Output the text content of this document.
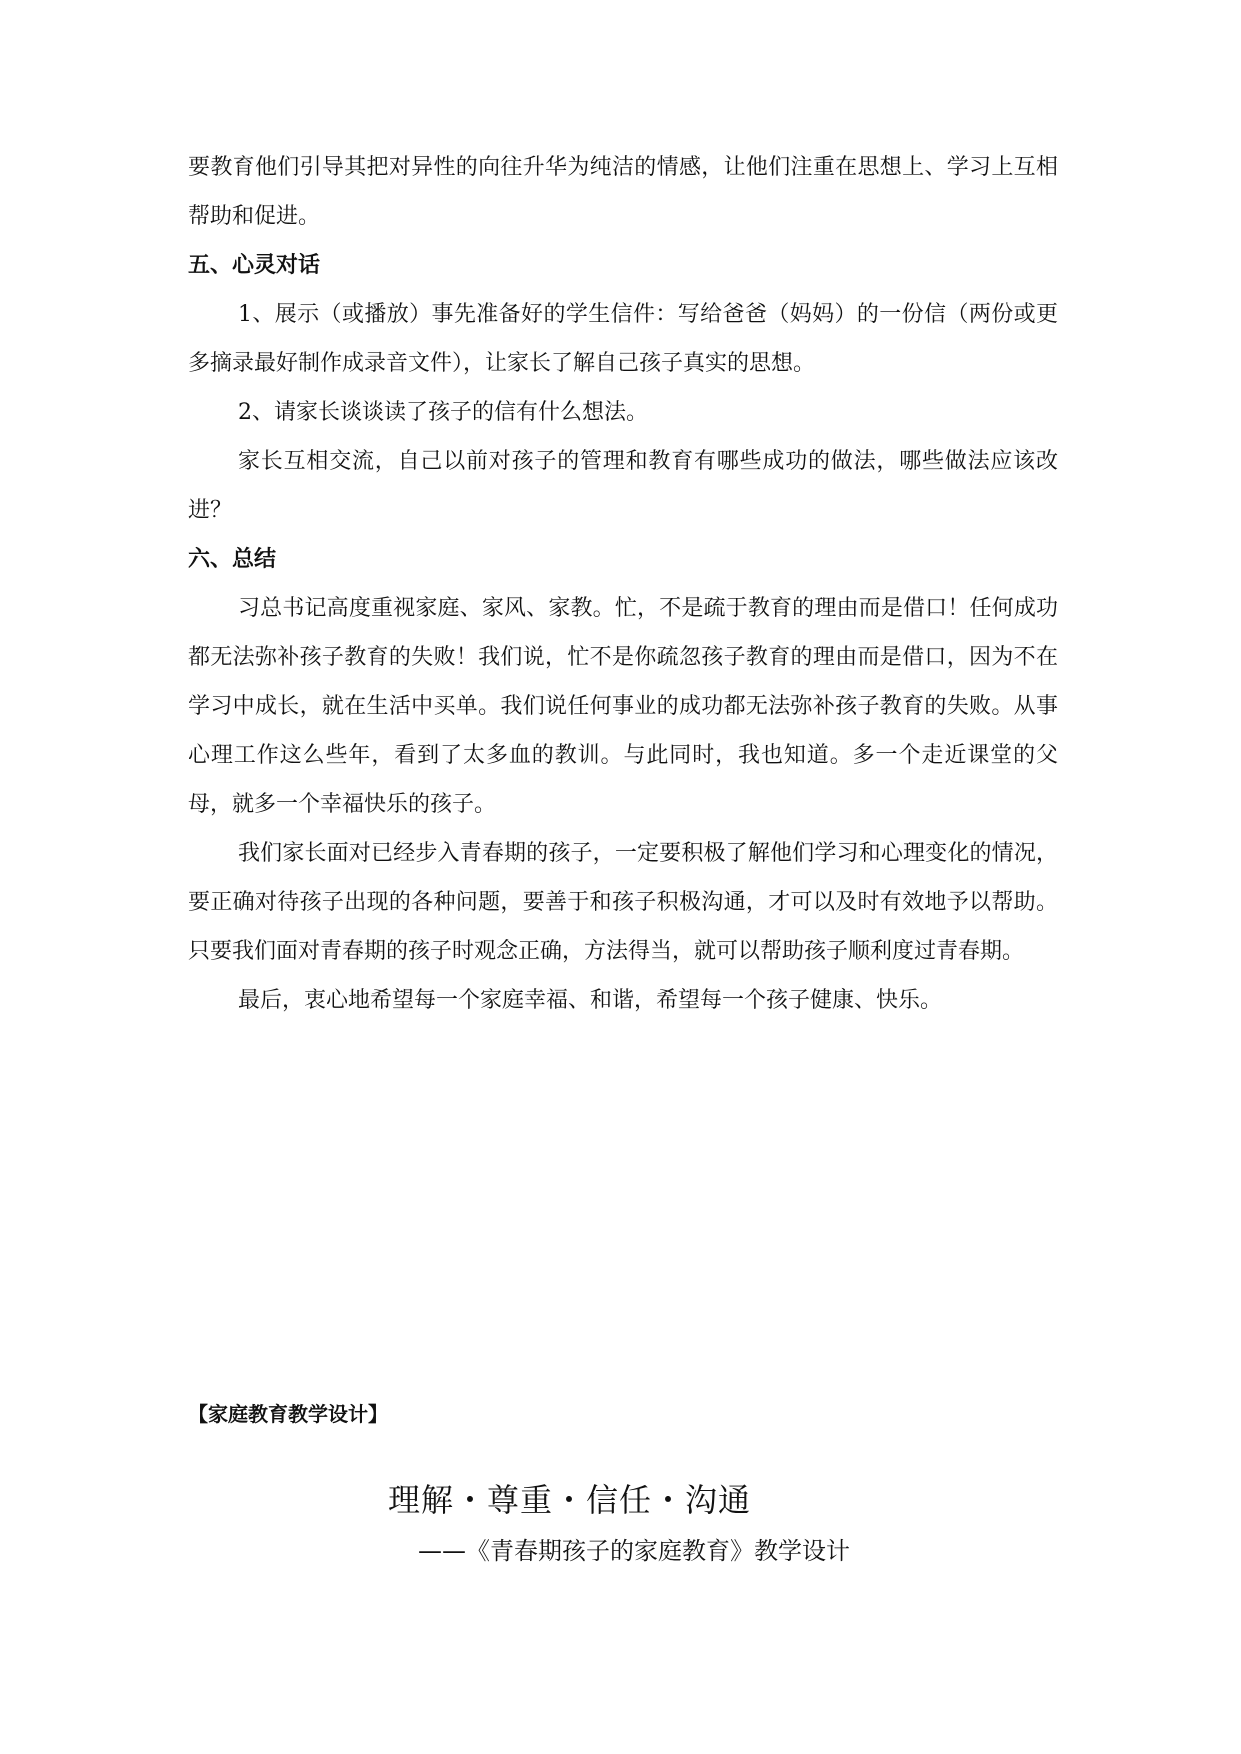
要教育他们引导其把对异性的向往升华为纯洁的情感，让他们注重在思想上、学习上互相帮助和促进。

五、心灵对话

1、展示（或播放）事先准备好的学生信件：写给爸爸（妈妈）的一份信（两份或更多摘录最好制作成录音文件），让家长了解自己孩子真实的思想。

2、请家长谈谈读了孩子的信有什么想法。

家长互相交流，自己以前对孩子的管理和教育有哪些成功的做法，哪些做法应该改进？

六、总结

习总书记高度重视家庭、家风、家教。忙，不是疏于教育的理由而是借口！任何成功都无法弥补孩子教育的失败！我们说，忙不是你疏忽孩子教育的理由而是借口，因为不在学习中成长，就在生活中买单。我们说任何事业的成功都无法弥补孩子教育的失败。从事心理工作这么些年，看到了太多血的教训。与此同时，我也知道。多一个走近课堂的父母，就多一个幸福快乐的孩子。

我们家长面对已经步入青春期的孩子，一定要积极了解他们学习和心理变化的情况，要正确对待孩子出现的各种问题，要善于和孩子积极沟通，才可以及时有效地予以帮助。只要我们面对青春期的孩子时观念正确，方法得当，就可以帮助孩子顺利度过青春期。

最后，衷心地希望每一个家庭幸福、和谐，希望每一个孩子健康、快乐。

【家庭教育教学设计】

理解・尊重・信任・沟通

——《青春期孩子的家庭教育》教学设计
